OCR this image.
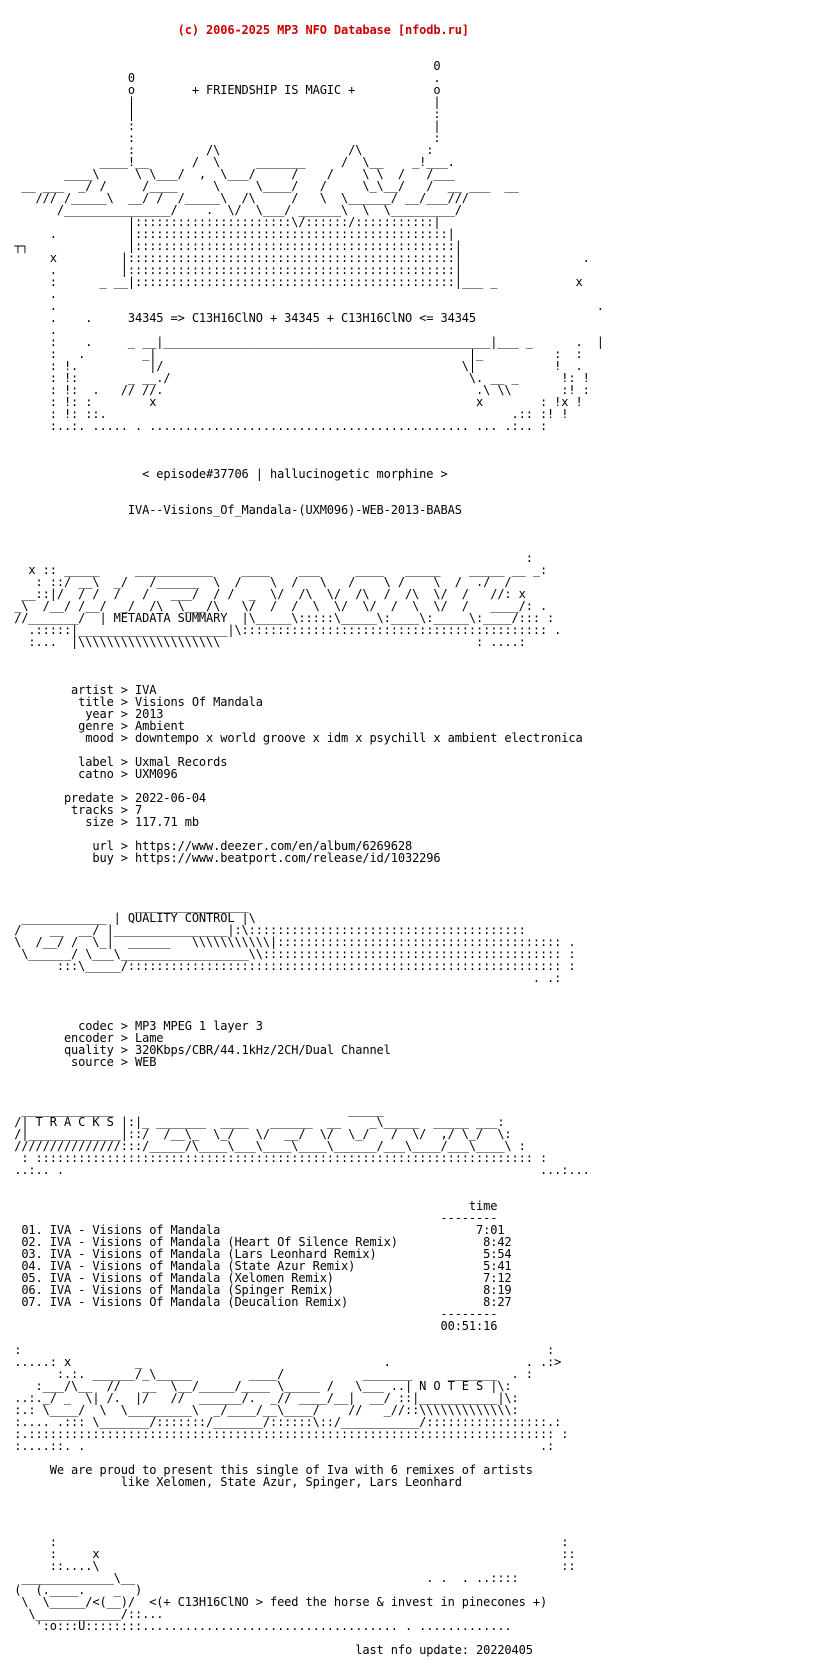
(c) 2006-2025 MP3 NFO Database [nfodb.ru]

0
0                                          .
o        + FRIENDSHIP IS MAGIC +           o
|                                          |
|                                          :
:                                          |
:                                          :
:          /\                  /\         :
____!__      /  \     _______     /  \__    _!___.
____\     \ \___/  ,  \___/     /    /    \ \  /   /___
__ ___  _/ /     /____     \     \____/   /     \_\__/   /  __ ___  __
/// /_____\  __/ /  /_____\  /\     /   \  \______/ __/___///
/_______________/    .  \/  \___/ ______\  \  \_________/
|::::::::::::::::::::::\/::::::/:::::::::::|
.          |::::::::::::::::::::::::::::::::::::::::::::|
┬┐              |:::::::::::::::::::::::::::::::::::::::::::::|
x         |::::::::::::::::::::::::::::::::::::::::::::::|                 .
.         |::::::::::::::::::::::::::::::::::::::::::::::|
:      _ __|:::::::::::::::::::::::::::::::::::::::::::::|___ _           x
.
.                                                                            .
.    .     34345 => C13H16ClNO + 34345 + C13H16ClNO <= 34345
.
:    .     _ __|______________________________________________|___ _      .  |
:   .        _|                                            |_          :  :
: !.          |/                                          \|           !  .
: !:       _ __./                                          \. __ _      !: !
: !:  .   // //.                                            .\ \\       :! :
: !: :        x                                             x        : !x !
: !: ::.                                                         .:: :! !
:..:. ..... . ............................................. ... .:.. :
< episode#37706 | hallucinogetic morphine >
IVA--Visions_Of_Mandala-(UXM096)-WEB-2013-BABAS
:
x :: _____     ___________    ____    ___     ____   _____    _____ __ _:
: ::/ __\  _/   /______  \  /    \  /   \   /    \ /    \  /  ./  /
__::|/  / /  /   /   ___/  / /  _  \/  /\  \/  /\  /  /\  \/  /   //: x
_\  /__/ /__/  _/  /\  \___/\   \/  /  /  \  \/  \/  /  \  \/  /   ____/: .
//_______/  | METADATA SUMMARY  |\_____\:::::\_____\:____\:_____\:____/::: :
.:::::|_____________________|\::::::::::::::::::::::::::::::::::::::::::: .
:...  |\\\\\\\\\\\\\\\\\\\\                                    : ....:
artist > IVA
title > Visions Of Mandala
year > 2013
genre > Ambient
mood > downtempo x world groove x idm x psychill x ambient electronica
label > Uxmal Records
catno > UXM096
predate > 2022-06-04
tracks > 7
size > 117.71 mb
url > https://www.deezer.com/en/album/6269628
buy > https://www.beatport.com/release/id/1032296
________________
____________ | QUALITY CONTROL |\
/    __  __/ |________________|:\:::::::::::::::::::::::::::::::::::::::
\  /__/ /  \_|  ______   \\\\\\\\\\\|:::::::::::::::::::::::::::::::::::::::: .
\______/ \___\__________________\\:::::::::::::::::::::::::::::::::::::::::: :
:::\_____/::::::::::::::::::::::::::::::::::::::::::::::::::::::::::::: :
. .:
codec > MP3 MPEG 1 layer 3
encoder > Lame
quality > 320Kbps/CBR/44.1kHz/2CH/Dual Channel
source > WEB
_____________                                 _____
/| T R A C K S |:|_ _______  ____   ______  __    _\_____  _____ ___:
/|_____________|::/  /__\_  \_/   \/  __/  \/  \_/   /  \/  ,/ \_/  \:
///////////////:::/_____/\____\___\____\____\______/___\____/___\____\ :
: :::::::::::::::::::::::::::::::::::::::::::::::::::::::::::::::::::::: :
..:.. .                                                                   ...:...
time
--------
01. IVA - Visions of Mandala                                    7:01
02. IVA - Visions of Mandala (Heart Of Silence Remix)            8:42
03. IVA - Visions of Mandala (Lars Leonhard Remix)               5:54
04. IVA - Visions of Mandala (State Azur Remix)                  5:41
05. IVA - Visions of Mandala (Xelomen Remix)                     7:12
06. IVA - Visions of Mandala (Spinger Remix)                     8:19
07. IVA - Visions Of Mandala (Deucalion Remix)                   8:27
--------
00:51:16
:                                                                          :
.....: x         _                                  .                   . .:>
:.:. ______/_\_____        ____/           _______     _______  . :
:___/\__  //   __  \__/_____/____ \_____ /   \___ ..| N O T E S |\:
..:._/ _  \| /.  |/   //  ______/.  _// ____/__|  __/ ::|___________|\:
:.: \____/  \  \_________\  _/____/__\____/    //   _//::\\\\\\\\\\\\\:
:.... .::: \_______/:::::::/_______/::::::\::/___________/:::::::::::::::::.:
:.:::::::::::::::::::::::::::::::::::::::::::::::::::::::::::::::::::::::::: :
:....::. .                                                                .:
We are proud to present this single of Iva with 6 remixes of artists
like Xelomen, State Azur, Spinger, Lars Leonhard
:                                                                       :
:     x                                                                 ::
::....\                                                                 ::
_____________\__                                         . .  . ..::::
(  (.____.    _  )
\  \_____/<(__)/  <(+ C13H16ClNO > feed the horse & invest in pinecones +)
\____________/::...
':o:::U::::::::.................................... . .............
last nfo update: 20220405
